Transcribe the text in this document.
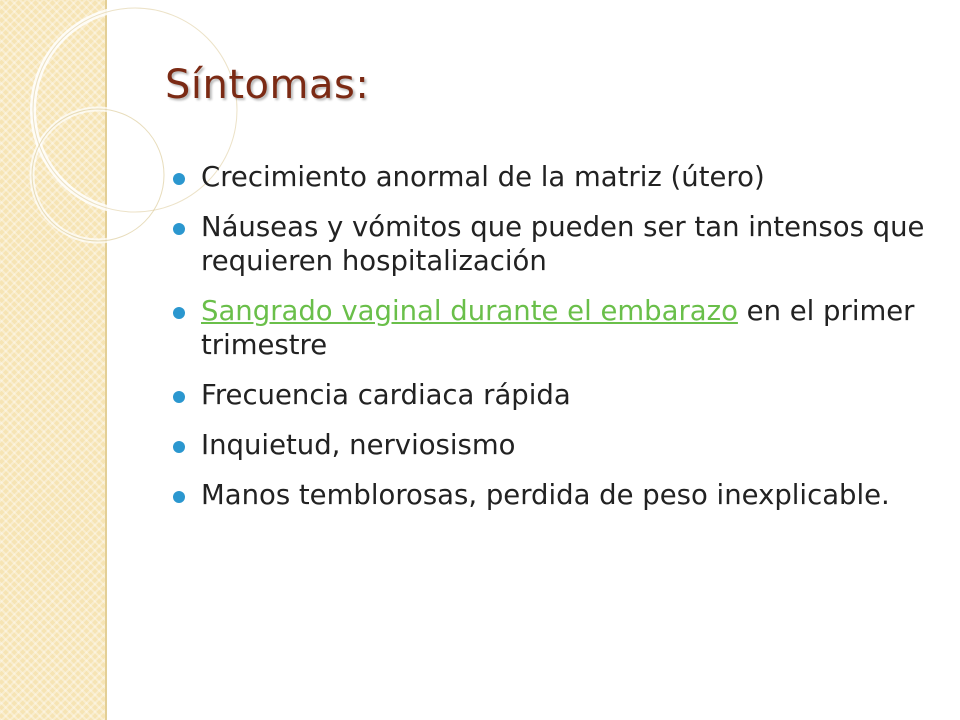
Síntomas:
Crecimiento anormal de la matriz (útero)
Náuseas y vómitos que pueden ser tan intensos que requieren hospitalización
Sangrado vaginal durante el embarazo en el primer trimestre
Frecuencia cardiaca rápida
Inquietud, nerviosismo
Manos temblorosas, perdida de peso inexplicable.
